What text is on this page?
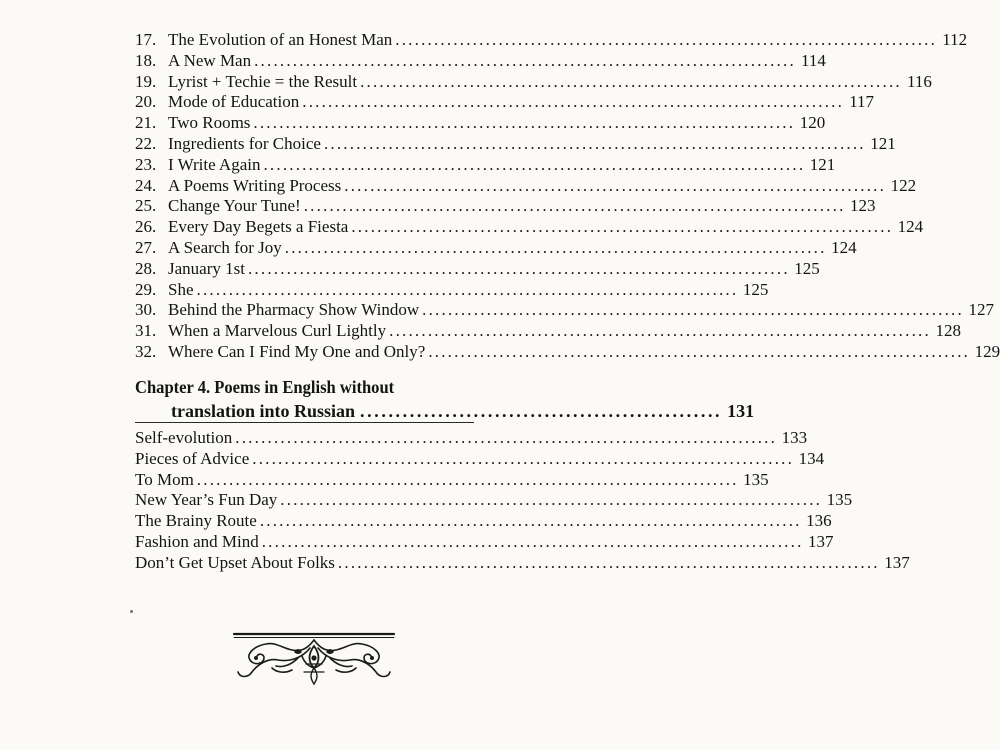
17. The Evolution of an Honest Man .................................................................................... 112
18. A New Man .................................................................................... 114
19. Lyrist + Techie = the Result .................................................................................... 116
20. Mode of Education .................................................................................... 117
21. Two Rooms .................................................................................... 120
22. Ingredients for Choice .................................................................................... 121
23. I Write Again .................................................................................... 121
24. A Poems Writing Process .................................................................................... 122
25. Change Your Tune! .................................................................................... 123
26. Every Day Begets a Fiesta .................................................................................... 124
27. A Search for Joy .................................................................................... 124
28. January 1st .................................................................................... 125
29. She .................................................................................... 125
30. Behind the Pharmacy Show Window .................................................................................... 127
31. When a Marvelous Curl Lightly .................................................................................... 128
32. Where Can I Find My One and Only? .................................................................................... 129
Chapter 4. Poems in English without
translation into Russian ................................................... 131
Self-evolution .................................................................................... 133
Pieces of Advice .................................................................................... 134
To Mom .................................................................................... 135
New Year’s Fun Day .................................................................................... 135
The Brainy Route .................................................................................... 136
Fashion and Mind .................................................................................... 137
Don’t Get Upset About Folks .................................................................................... 137
